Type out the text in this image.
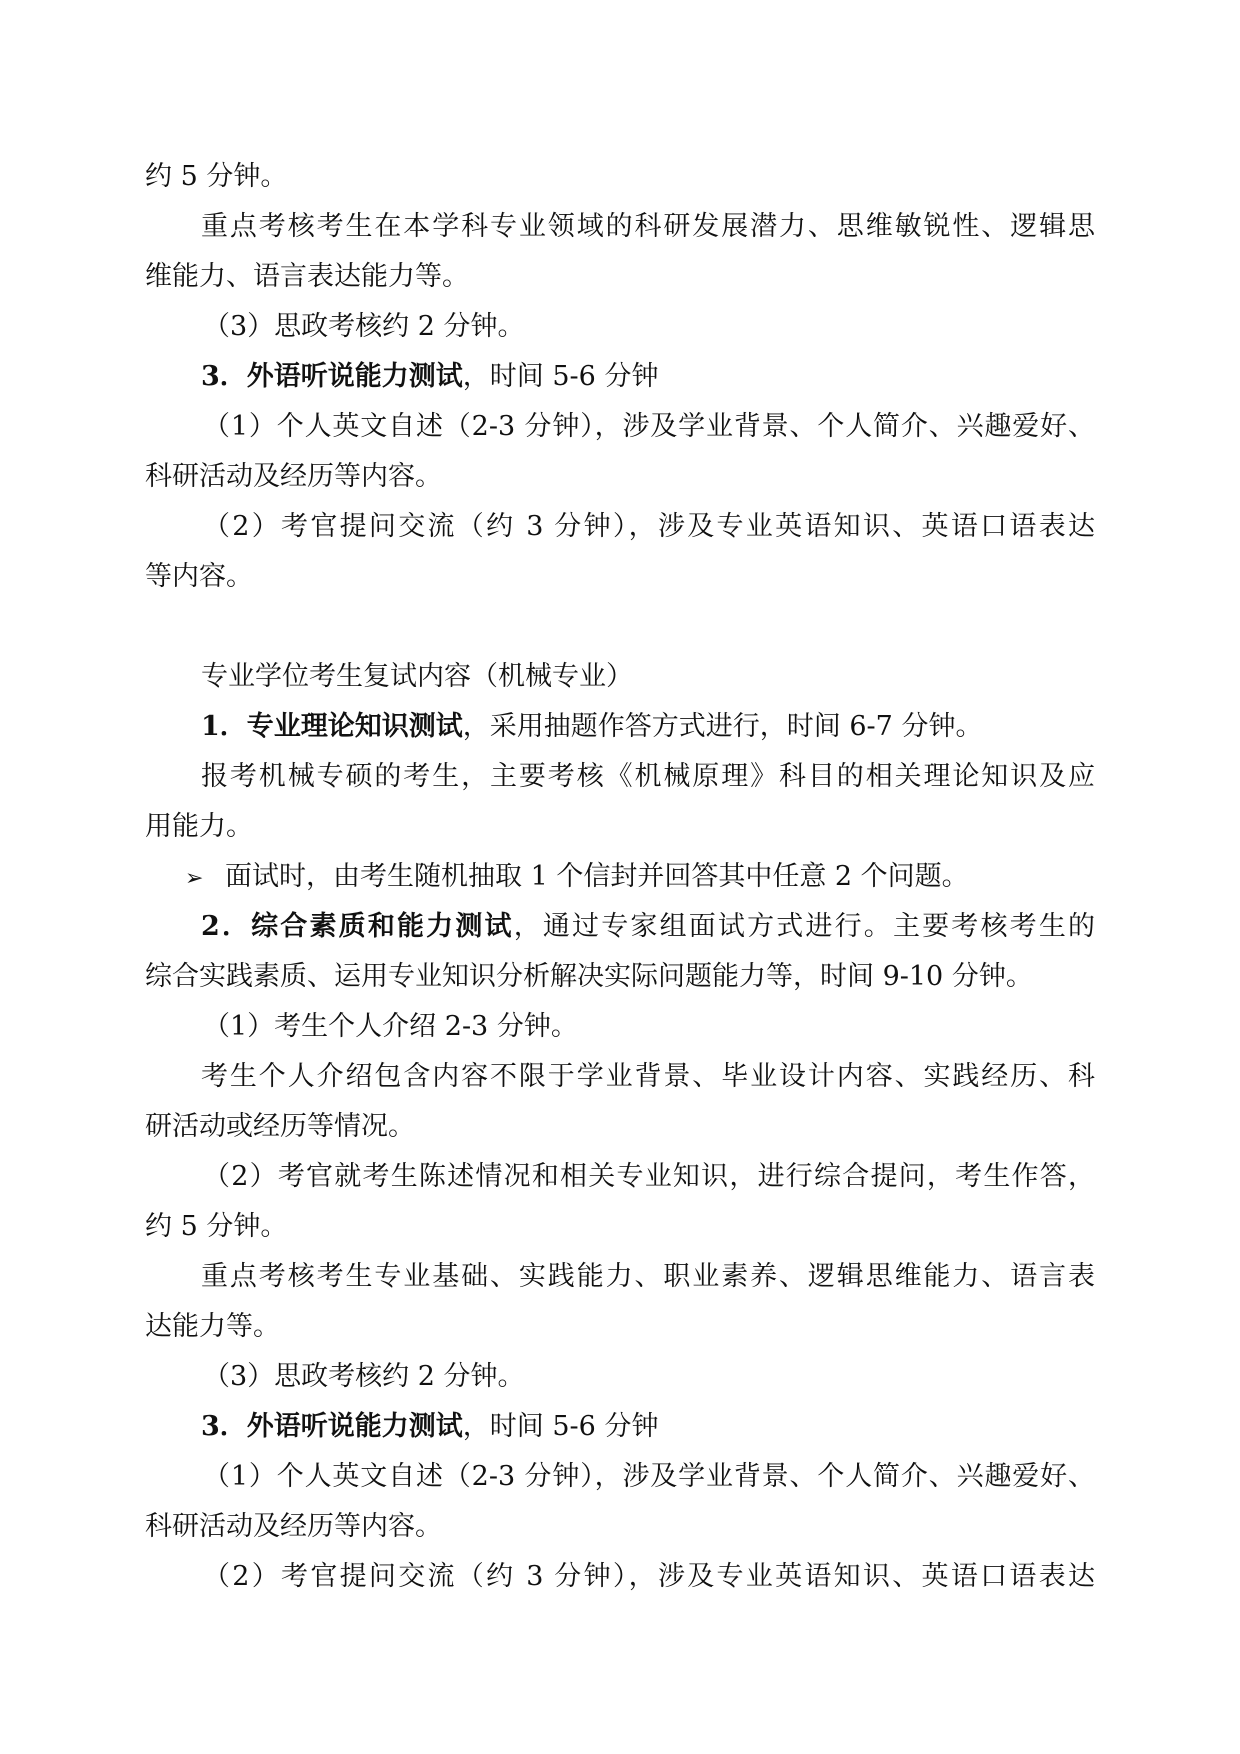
约 5 分钟。
重点考核考生在本学科专业领域的科研发展潜力、思维敏锐性、逻辑思
维能力、语言表达能力等。
（3）思政考核约 2 分钟。
3．外语听说能力测试，时间 5-6 分钟
（1）个人英文自述（2-3 分钟），涉及学业背景、个人简介、兴趣爱好、
科研活动及经历等内容。
（2）考官提问交流（约 3 分钟），涉及专业英语知识、英语口语表达
等内容。
专业学位考生复试内容（机械专业）
1．专业理论知识测试，采用抽题作答方式进行，时间 6-7 分钟。
报考机械专硕的考生，主要考核《机械原理》科目的相关理论知识及应
用能力。
➢ 面试时，由考生随机抽取 1 个信封并回答其中任意 2 个问题。
2．综合素质和能力测试，通过专家组面试方式进行。主要考核考生的
综合实践素质、运用专业知识分析解决实际问题能力等，时间 9-10 分钟。
（1）考生个人介绍 2-3 分钟。
考生个人介绍包含内容不限于学业背景、毕业设计内容、实践经历、科
研活动或经历等情况。
（2）考官就考生陈述情况和相关专业知识，进行综合提问，考生作答，
约 5 分钟。
重点考核考生专业基础、实践能力、职业素养、逻辑思维能力、语言表
达能力等。
（3）思政考核约 2 分钟。
3．外语听说能力测试，时间 5-6 分钟
（1）个人英文自述（2-3 分钟），涉及学业背景、个人简介、兴趣爱好、
科研活动及经历等内容。
（2）考官提问交流（约 3 分钟），涉及专业英语知识、英语口语表达
